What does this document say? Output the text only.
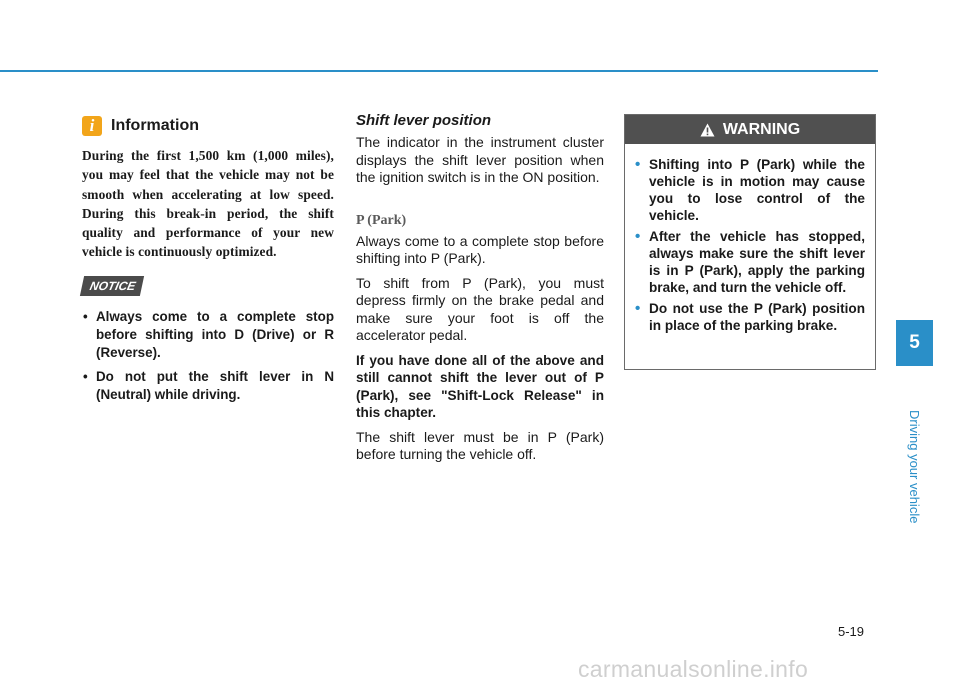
i	Information

During the first 1,500 km (1,000 miles), you may feel that the vehicle may not be smooth when accelerating at low speed. During this break-in period, the shift quality and performance of your new vehicle is continuously optimized.

NOTICE
• Always come to a complete stop before shifting into D (Drive) or R (Reverse).
• Do not put the shift lever in N (Neutral) while driving.
Shift lever position

The indicator in the instrument cluster displays the shift lever position when the ignition switch is in the ON position.

P (Park)

Always come to a complete stop before shifting into P (Park).

To shift from P (Park), you must depress firmly on the brake pedal and make sure your foot is off the accelerator pedal.

If you have done all of the above and still cannot shift the lever out of P (Park), see "Shift-Lock Release" in this chapter.

The shift lever must be in P (Park) before turning the vehicle off.

WARNING
• Shifting into P (Park) while the vehicle is in motion may cause you to lose control of the vehicle.
• After the vehicle has stopped, always make sure the shift lever is in P (Park), apply the parking brake, and turn the vehicle off.
• Do not use the P (Park) position in place of the parking brake.
5
Driving your vehicle
5-19
carmanualsonline.info
